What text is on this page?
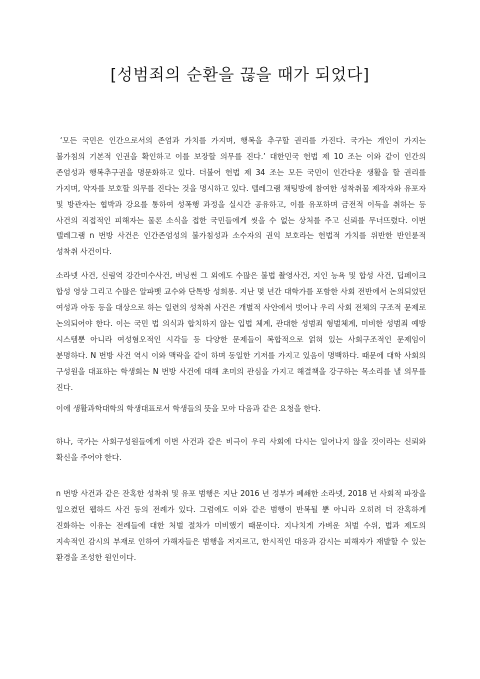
[성범죄의 순환을 끊을 때가 되었다]

‘모든 국민은 인간으로서의 존엄과 가치를 가지며, 행복을 추구할 권리를 가진다. 국가는 개인이 가지는 불가침의 기본적 인권을 확인하고 이를 보장할 의무를 진다.’ 대한민국 헌법 제 10 조는 이와 같이 인간의 존엄성과 행복추구권을 명문화하고 있다. 더불어 헌법 제 34 조는 모든 국민이 인간다운 생활을 할 권리를 가지며, 약자를 보호할 의무를 진다는 것을 명시하고 있다. 텔레그램 채팅방에 참여한 성착취물 제작자와 유포자 및 방관자는 협박과 강요를 통하여 성폭행 과정을 실시간 공유하고, 이를 유포하며 금전적 이득을 취하는 등 사건의 직접적인 피해자는 물론 소식을 접한 국민들에게 씻을 수 없는 상처를 주고 신뢰를 무너뜨렸다. 이번 텔레그램 n 번방 사건은 인간존엄성의 불가침성과 소수자의 권익 보호라는 헌법적 가치를 위반한 반인륜적 성착취 사건이다.

소라넷 사건, 신림역 강간미수사건, 버닝썬 그 외에도 수많은 불법 촬영사건, 지인 능욕 및 합성 사건, 딥페이크 합성 영상 그리고 수많은 알파벳 교수와 단톡방 성희롱. 지난 몇 년간 대학가를 포함한 사회 전반에서 논의되었던 여성과 아동 등을 대상으로 하는 일련의 성착취 사건은 개별적 사안에서 벗어나 우리 사회 전체의 구조적 문제로 논의되어야 한다. 이는 국민 법 의식과 합치하지 않는 입법 체계, 관대한 성범죄 형벌체계, 미비한 성범죄 예방 시스템뿐 아니라 여성혐오적인 시각들 등 다양한 문제들이 복합적으로 얽혀 있는 사회구조적인 문제임이 분명하다. N 번방 사건 역시 이와 맥락을 같이 하며 동일한 기저를 가지고 있음이 명백하다. 때문에 대학 사회의 구성원을 대표하는 학생회는 N 번방 사건에 대해 초미의 관심을 가지고 해결책을 강구하는 목소리를 낼 의무를 진다.

이에 생활과학대학의 학생대표로서 학생들의 뜻을 모아 다음과 같은 요청을 한다.

하나, 국가는 사회구성원들에게 이번 사건과 같은 비극이 우리 사회에 다시는 일어나지 않을 것이라는 신뢰와 확신을 주어야 한다.

n 번방 사건과 같은 잔혹한 성착취 및 유포 범행은 지난 2016 년 정부가 폐쇄한 소라넷, 2018 년 사회적 파장을 일으켰던 웹하드 사건 등의 전례가 있다. 그럼에도 이와 같은 범행이 반복될 뿐 아니라 오히려 더 잔혹하게 진화하는 이유는 전례들에 대한 처벌 절차가 미비했기 때문이다. 지나치게 가벼운 처벌 수위, 법과 제도의 지속적인 감시의 부재로 인하여 가해자들은 범행을 저지르고, 한시적인 대응과 감시는 피해자가 재발할 수 있는 환경을 조성한 원인이다.
